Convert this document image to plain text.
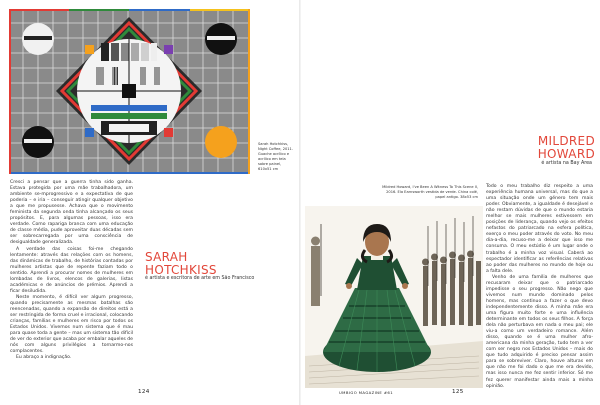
Sarah Hotchkiss, Night Coffee, 2011. Guache acrílico e acrílico em tela sobre painel, 610x51 cm

Cresci a pensar que a guerra tinha sido ganha. Estava protegida por uma mãe trabalhadora, um ambiente se-mprogressivo e a expectativa de que poderia – e iria – conseguir atingir qualquer objetivo a que me propusesse. Achava que o movimento feminista da segunda onda tinha alcançado os seus propósitos. E, para algumas pessoas, isso era verdade. Como rapariga branca com uma educação de classe média, pude aproveitar duas décadas sem ser sobrecarregada por uma consciência de desigualdade generalizada.

A verdade das coisas foi-me chegando lentamente: através das relações com os homens, das dinâmicas de trabalho, de histórias contadas por mulheres artistas que de repente faziam todo o sentido. Aprendi a procurar nomes de mulheres em lombadas de livros, elencos de galerias, listas académicas e de anúncios de prémios. Aprendi a ficar desiludida.

Neste momento, é difícil ver algum progresso, quando precisamente as mesmas batalhas são reencenadas, quando a expansão de direitos está a ser restringida de forma cruel e irracional, colocando crianças, famílias e mulheres em risco por todos os Estados Unidos. Vivemos num sistema que é mau para quase toda a gente – mas um sistema tão difícil de ver do exterior que acaba por embalar aqueles de nós com alguns privilégios a tornarmo-nos complacentes.

Eu abraço a indignação.

SARAH HOTCHKISS
é artista e escritora de arte em São Francisco
124
MILDRED HOWARD
é artista na Bay Area
Mildred Howard, I've Been A Witness To This Scene II, 2016. Ela Earnsworth vestida de verde. China colé, papel antigo. 38x53 cm

Todo o meu trabalho diz respeito a uma experiência humana universal, mas do que a uma situação onde um género tem mais poder. Obviamente, a igualdade é desejável e não restam dúvidas de que o mundo estaria melhor se mais mulheres estivessem em posições de liderança, quando vejo os efeitos nefastos do patriarcado na esfera política, exerço o meu poder através do voto. No meu dia-a-dia, recuso-me a deixar que isso me consuma. O meu estúdio é um lugar onde o trabalho é a minha voz visual. Caberá ao espectador identificar as referências relativas ao poder das mulheres no mundo de hoje ou a falta dele.

Venho de uma família de mulheres que recusaram deixar que o patriarcado impedisse o seu progresso. Não nego que vivemos num mundo dominado pelos homens, mas continuo a fazer o que devo independentemente disso. A minha mãe era uma figura muito forte e uma influência determinante em todos os seus filhos. A força dela não perturbava em nada o meu pai; ele viu-a como um verdadeiro romance. Além disso, quando se é uma mulher afro-americana da minha geração, tudo tem a ver com ser negro nos Estados Unidos – mais do que tudo adquirido é preciso pensar assim para se sobreviver. Claro, houve alturas em que não me foi dado o que me era devido, mas isso nunca me fez sentir inferior. Só me fez querer manifestar ainda mais a minha opinião.

UMBIGO MAGAZINE #61	125
